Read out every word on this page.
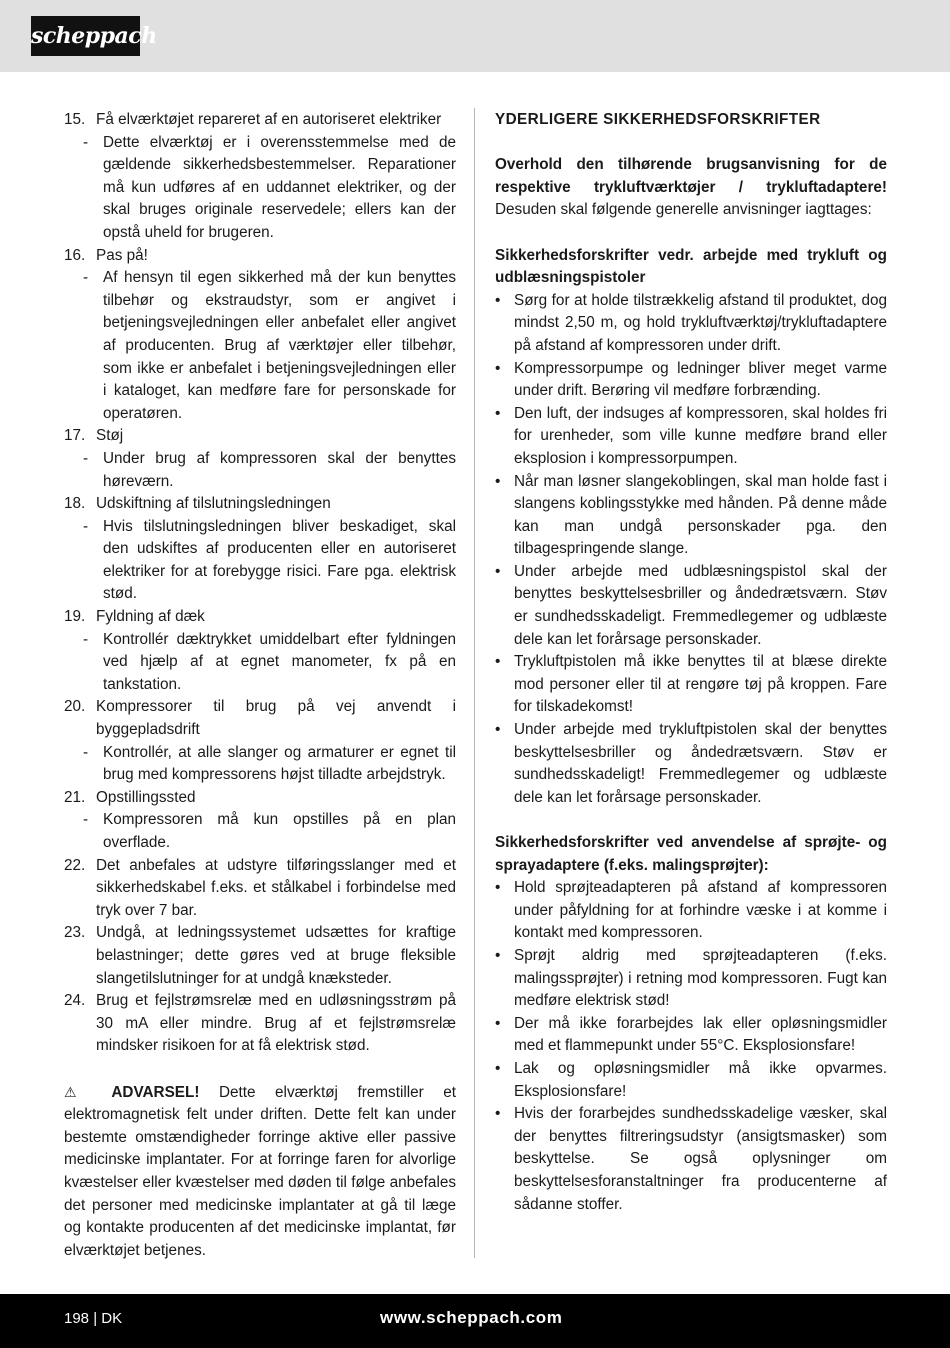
scheppach
15. Få elværktøjet repareret af en autoriseret elektriker
- Dette elværktøj er i overensstemmelse med de gældende sikkerhedsbestemmelser. Reparationer må kun udføres af en uddannet elektriker, og der skal bruges originale reservedele; ellers kan der opstå uheld for brugeren.
16. Pas på!
- Af hensyn til egen sikkerhed må der kun benyttes tilbehør og ekstraudstyr, som er angivet i betjeningsvejledningen eller anbefalet eller angivet af producenten. Brug af værktøjer eller tilbehør, som ikke er anbefalet i betjeningsvejledningen eller i kataloget, kan medføre fare for personskade for operatøren.
17. Støj
- Under brug af kompressoren skal der benyttes høreværn.
18. Udskiftning af tilslutningsledningen
- Hvis tilslutningsledningen bliver beskadiget, skal den udskiftes af producenten eller en autoriseret elektriker for at forebygge risici. Fare pga. elektrisk stød.
19. Fyldning af dæk
- Kontrollér dæktrykket umiddelbart efter fyldningen ved hjælp af at egnet manometer, fx på en tankstation.
20. Kompressorer til brug på vej anvendt i byggepladsdrift
- Kontrollér, at alle slanger og armaturer er egnet til brug med kompressorens højst tilladte arbejdstryk.
21. Opstillingssted
- Kompressoren må kun opstilles på en plan overflade.
22. Det anbefales at udstyre tilføringsslanger med et sikkerhedskabel f.eks. et stålkabel i forbindelse med tryk over 7 bar.
23. Undgå, at ledningssystemet udsættes for kraftige belastninger; dette gøres ved at bruge fleksible slangetilslutninger for at undgå knæksteder.
24. Brug et fejlstrømsrelæ med en udløsningsstrøm på 30 mA eller mindre. Brug af et fejlstrømsrelæ mindsker risikoen for at få elektrisk stød.
⚠ ADVARSEL! Dette elværktøj fremstiller et elektromagnetisk felt under driften. Dette felt kan under bestemte omstændigheder forringe aktive eller passive medicinske implantater. For at forringe faren for alvorlige kvæstelser eller kvæstelser med døden til følge anbefales det personer med medicinske implantater at gå til læge og kontakte producenten af det medicinske implantat, før elværktøjet betjenes.
YDERLIGERE SIKKERHEDSFORSKRIFTER
Overhold den tilhørende brugsanvisning for de respektive trykluftværktøjer / trykluftadaptere! Desuden skal følgende generelle anvisninger iagttages:
Sikkerhedsforskrifter vedr. arbejde med trykluft og udblæsningspistoler
• Sørg for at holde tilstrækkelig afstand til produktet, dog mindst 2,50 m, og hold trykluftværktøj/trykluftadaptere på afstand af kompressoren under drift.
• Kompressorpumpe og ledninger bliver meget varme under drift. Berøring vil medføre forbrænding.
• Den luft, der indsuges af kompressoren, skal holdes fri for urenheder, som ville kunne medføre brand eller eksplosion i kompressorpumpen.
• Når man løsner slangekoblingen, skal man holde fast i slangens koblingsstykke med hånden. På denne måde kan man undgå personskader pga. den tilbagespringende slange.
• Under arbejde med udblæsningspistol skal der benyttes beskyttelsesbriller og åndedrætsværn. Støv er sundhedsskadeligt. Fremmedlegemer og udblæste dele kan let forårsage personskader.
• Trykluftpistolen må ikke benyttes til at blæse direkte mod personer eller til at rengøre tøj på kroppen. Fare for tilskadekomst!
• Under arbejde med trykluftpistolen skal der benyttes beskyttelsesbriller og åndedrætsværn. Støv er sundhedsskadeligt! Fremmedlegemer og udblæste dele kan let forårsage personskader.
Sikkerhedsforskrifter ved anvendelse af sprøjte- og sprayadaptere (f.eks. malingsprøjter):
• Hold sprøjteadapteren på afstand af kompressoren under påfyldning for at forhindre væske i at komme i kontakt med kompressoren.
• Sprøjt aldrig med sprøjteadapteren (f.eks. malingssprøjter) i retning mod kompressoren. Fugt kan medføre elektrisk stød!
• Der må ikke forarbejdes lak eller opløsningsmidler med et flammepunkt under 55°C. Eksplosionsfare!
• Lak og opløsningsmidler må ikke opvarmes. Eksplosionsfare!
• Hvis der forarbejdes sundhedsskadelige væsker, skal der benyttes filtreringsudstyr (ansigtsmasker) som beskyttelse. Se også oplysninger om beskyttelsesforanstaltninger fra producenterne af sådanne stoffer.
198 | DK	www.scheppach.com
